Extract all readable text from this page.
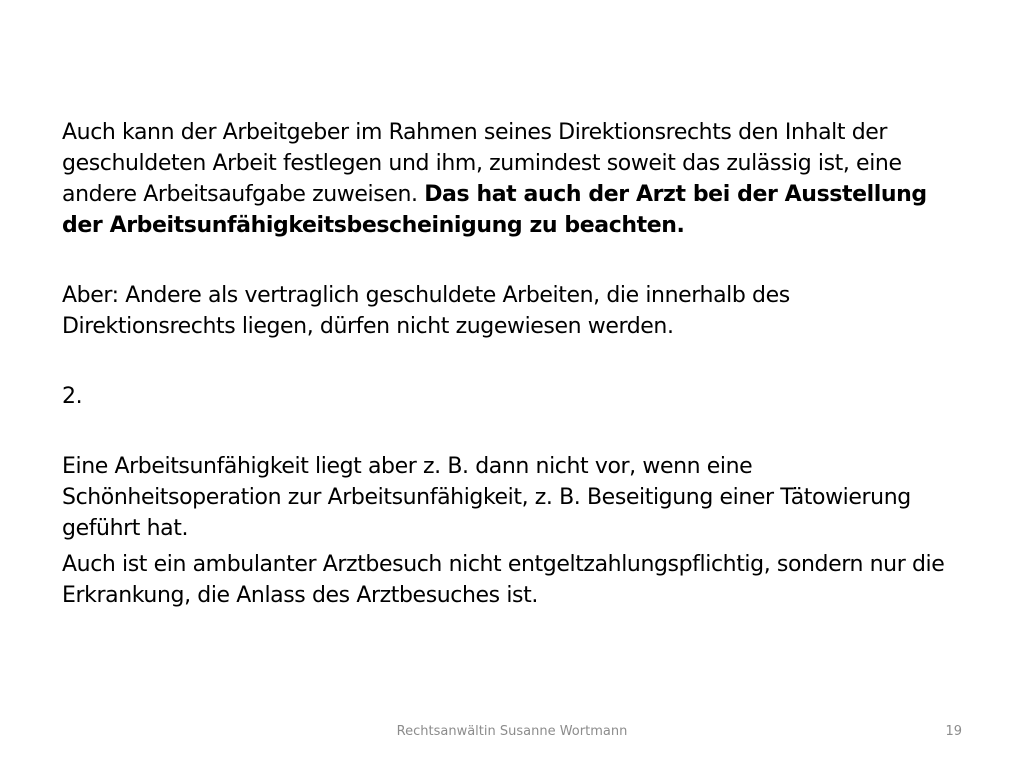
Auch kann der Arbeitgeber im Rahmen seines Direktionsrechts den Inhalt der geschuldeten Arbeit festlegen und ihm, zumindest soweit das zulässig ist, eine andere Arbeitsaufgabe zuweisen. Das hat auch der Arzt bei der Ausstellung der Arbeitsunfähigkeitsbescheinigung zu beachten.

Aber: Andere als vertraglich geschuldete Arbeiten, die innerhalb des Direktionsrechts liegen, dürfen nicht zugewiesen werden.

2.

Eine Arbeitsunfähigkeit liegt aber z. B. dann nicht vor, wenn eine Schönheitsoperation zur Arbeitsunfähigkeit, z. B. Beseitigung einer Tätowierung geführt hat.

Auch ist ein ambulanter Arztbesuch nicht entgeltzahlungspflichtig, sondern nur die Erkrankung, die Anlass des Arztbesuches ist.

Rechtsanwältin Susanne Wortmann	19
